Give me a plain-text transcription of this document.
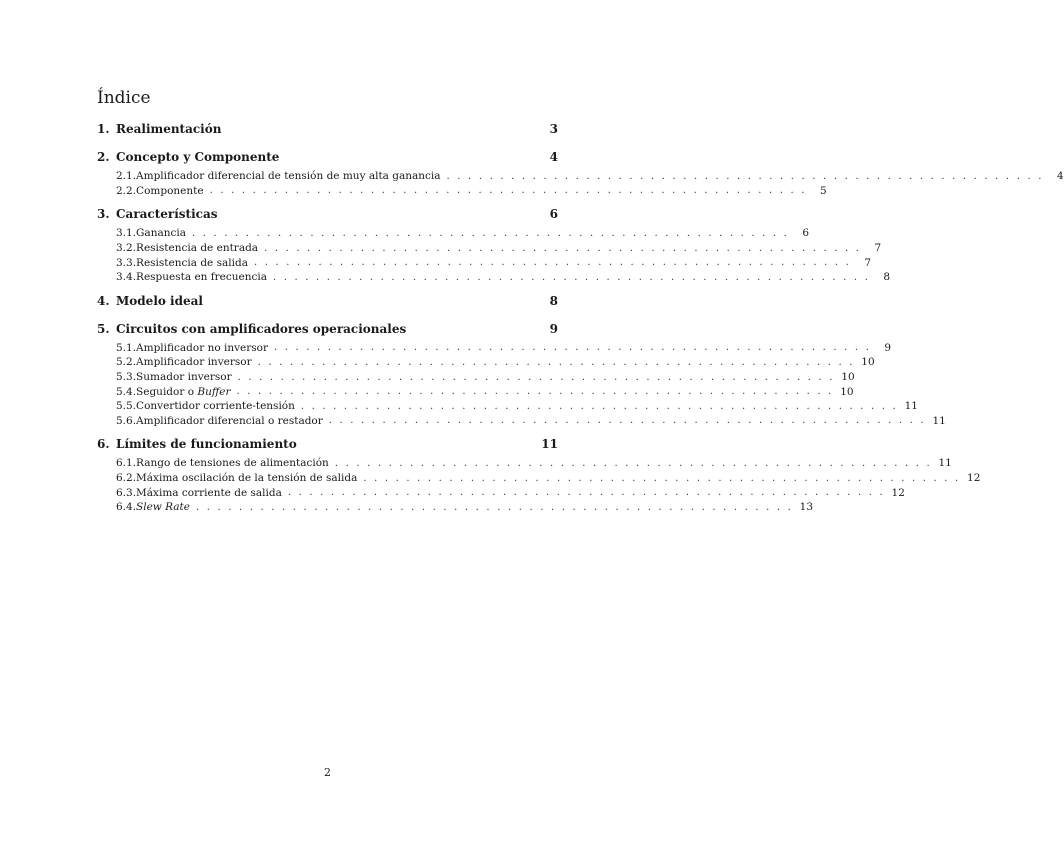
Índice
1. Realimentación	3
2. Concepto y Componente	4
2.1. Amplificador diferencial de tensión de muy alta ganancia . . . . . . . . . . . . . . . . . . . . . . . . . . . . . . . . . . . . . . . . . . . . . . . . . . . . . . . .	4
2.2. Componente . . . . . . . . . . . . . . . . . . . . . . . . . . . . . . . . . . . . . . . . . . . . . . . . . . . . . . . .	5
3. Características	6
3.1. Ganancia . . . . . . . . . . . . . . . . . . . . . . . . . . . . . . . . . . . . . . . . . . . . . . . . . . . . . . . .	6
3.2. Resistencia de entrada . . . . . . . . . . . . . . . . . . . . . . . . . . . . . . . . . . . . . . . . . . . . . . . . . . . . . . . .	7
3.3. Resistencia de salida . . . . . . . . . . . . . . . . . . . . . . . . . . . . . . . . . . . . . . . . . . . . . . . . . . . . . . . .	7
3.4. Respuesta en frecuencia . . . . . . . . . . . . . . . . . . . . . . . . . . . . . . . . . . . . . . . . . . . . . . . . . . . . . . . .	8
4. Modelo ideal	8
5. Circuitos con amplificadores operacionales	9
5.1. Amplificador no inversor . . . . . . . . . . . . . . . . . . . . . . . . . . . . . . . . . . . . . . . . . . . . . . . . . . . . . . . .	9
5.2. Amplificador inversor . . . . . . . . . . . . . . . . . . . . . . . . . . . . . . . . . . . . . . . . . . . . . . . . . . . . . . . . 10
5.3. Sumador inversor . . . . . . . . . . . . . . . . . . . . . . . . . . . . . . . . . . . . . . . . . . . . . . . . . . . . . . . . 10
5.4. Seguidor o Buffer . . . . . . . . . . . . . . . . . . . . . . . . . . . . . . . . . . . . . . . . . . . . . . . . . . . . . . . . 10
5.5. Convertidor corriente-tensión . . . . . . . . . . . . . . . . . . . . . . . . . . . . . . . . . . . . . . . . . . . . . . . . . . . . . . . . 11
5.6. Amplificador diferencial o restador . . . . . . . . . . . . . . . . . . . . . . . . . . . . . . . . . . . . . . . . . . . . . . . . . . . . . . . . 11
6. Límites de funcionamiento	11
6.1. Rango de tensiones de alimentación . . . . . . . . . . . . . . . . . . . . . . . . . . . . . . . . . . . . . . . . . . . . . . . . . . . . . . . . 11
6.2. Máxima oscilación de la tensión de salida . . . . . . . . . . . . . . . . . . . . . . . . . . . . . . . . . . . . . . . . . . . . . . . . . . . . . . . . 12
6.3. Máxima corriente de salida . . . . . . . . . . . . . . . . . . . . . . . . . . . . . . . . . . . . . . . . . . . . . . . . . . . . . . . . 12
6.4. Slew Rate . . . . . . . . . . . . . . . . . . . . . . . . . . . . . . . . . . . . . . . . . . . . . . . . . . . . . . . . 13
2
